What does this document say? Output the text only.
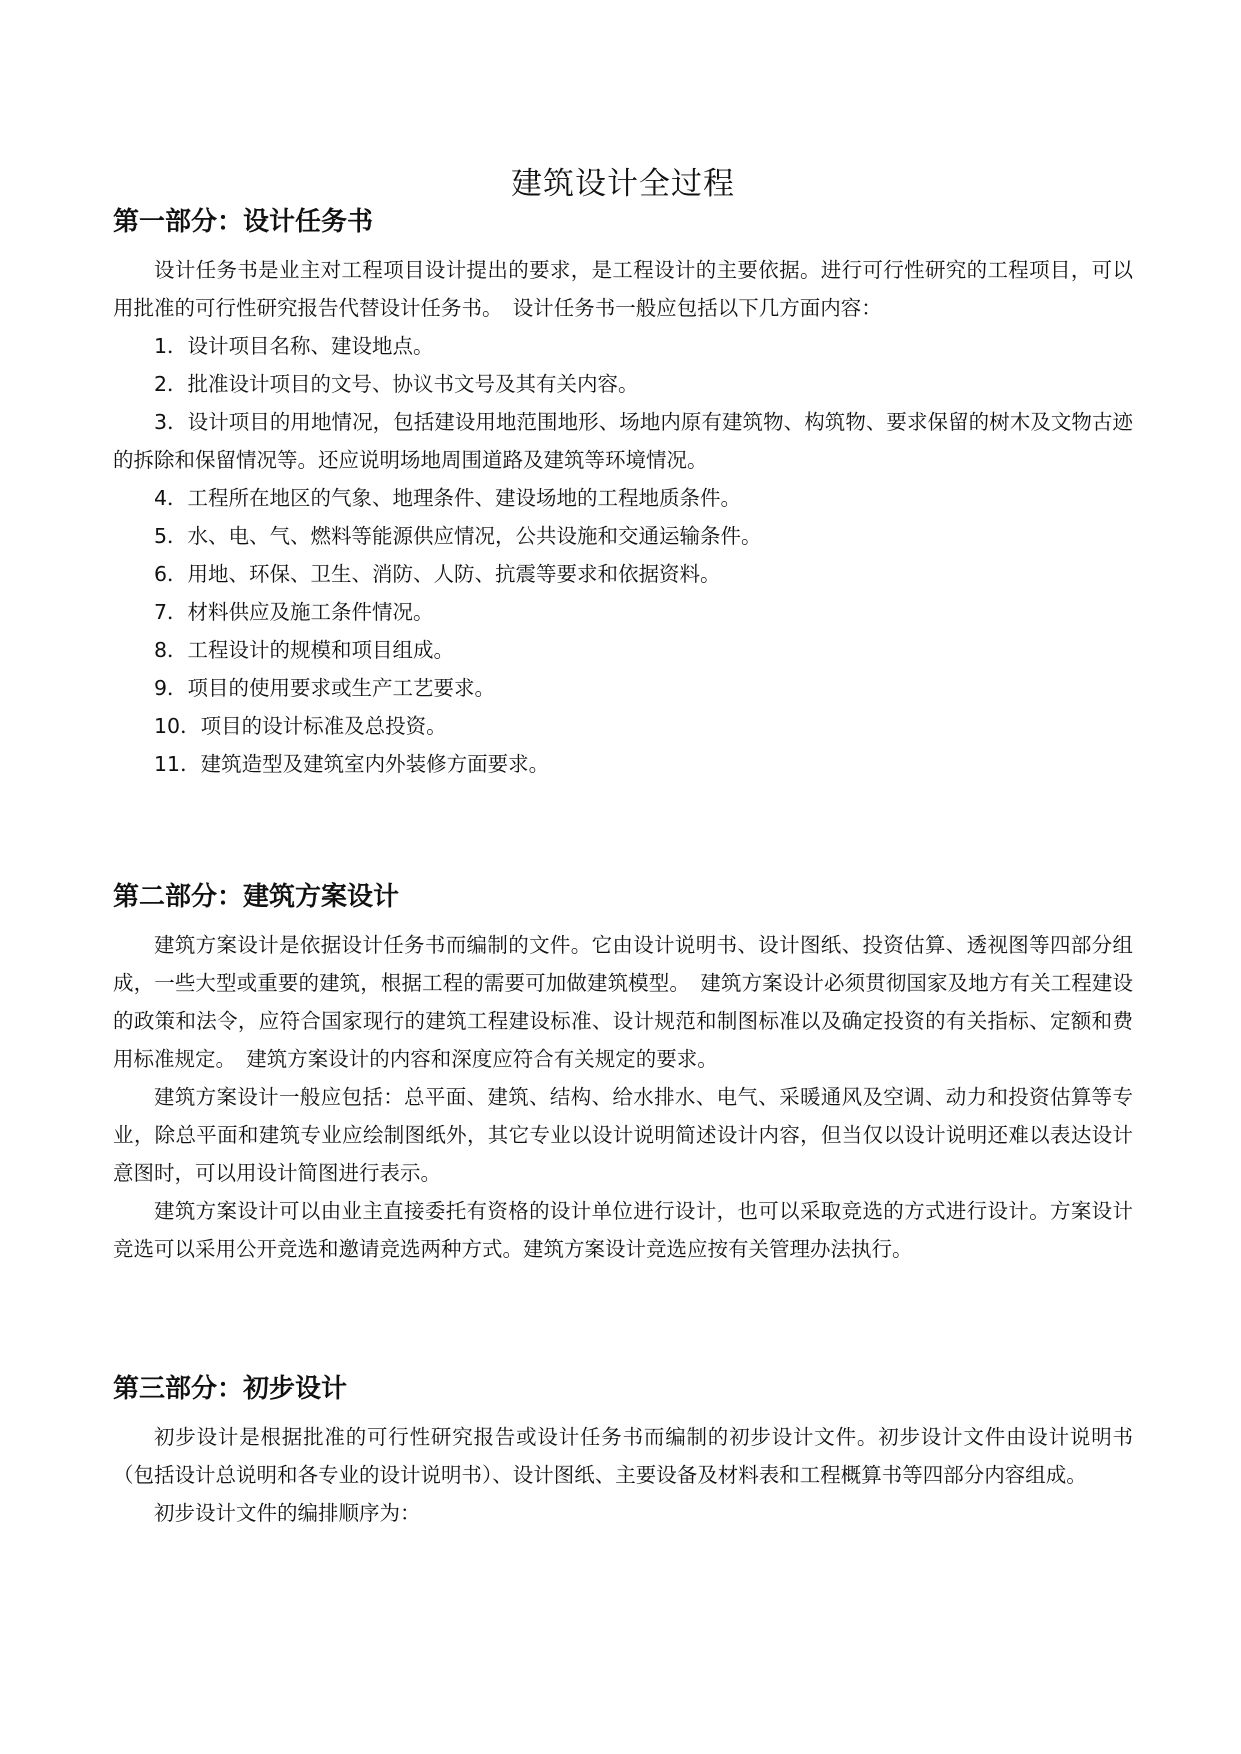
建筑设计全过程
第一部分：设计任务书

设计任务书是业主对工程项目设计提出的要求，是工程设计的主要依据。进行可行性研究的工程项目，可以用批准的可行性研究报告代替设计任务书。　设计任务书一般应包括以下几方面内容：

1．设计项目名称、建设地点。
2．批准设计项目的文号、协议书文号及其有关内容。
3．设计项目的用地情况，包括建设用地范围地形、场地内原有建筑物、构筑物、要求保留的树木及文物古迹的拆除和保留情况等。还应说明场地周围道路及建筑等环境情况。
4．工程所在地区的气象、地理条件、建设场地的工程地质条件。
5．水、电、气、燃料等能源供应情况，公共设施和交通运输条件。
6．用地、环保、卫生、消防、人防、抗震等要求和依据资料。
7．材料供应及施工条件情况。
8．工程设计的规模和项目组成。
9．项目的使用要求或生产工艺要求。
10．项目的设计标准及总投资。
11．建筑造型及建筑室内外装修方面要求。
第二部分：建筑方案设计

建筑方案设计是依据设计任务书而编制的文件。它由设计说明书、设计图纸、投资估算、透视图等四部分组成，一些大型或重要的建筑，根据工程的需要可加做建筑模型。　建筑方案设计必须贯彻国家及地方有关工程建设的政策和法令，应符合国家现行的建筑工程建设标准、设计规范和制图标准以及确定投资的有关指标、定额和费用标准规定。　建筑方案设计的内容和深度应符合有关规定的要求。

建筑方案设计一般应包括：总平面、建筑、结构、给水排水、电气、采暖通风及空调、动力和投资估算等专业，除总平面和建筑专业应绘制图纸外，其它专业以设计说明简述设计内容，但当仅以设计说明还难以表达设计意图时，可以用设计简图进行表示。

建筑方案设计可以由业主直接委托有资格的设计单位进行设计，也可以采取竞选的方式进行设计。方案设计竞选可以采用公开竞选和邀请竞选两种方式。建筑方案设计竞选应按有关管理办法执行。

第三部分：初步设计

初步设计是根据批准的可行性研究报告或设计任务书而编制的初步设计文件。初步设计文件由设计说明书（包括设计总说明和各专业的设计说明书）、设计图纸、主要设备及材料表和工程概算书等四部分内容组成。

初步设计文件的编排顺序为：
